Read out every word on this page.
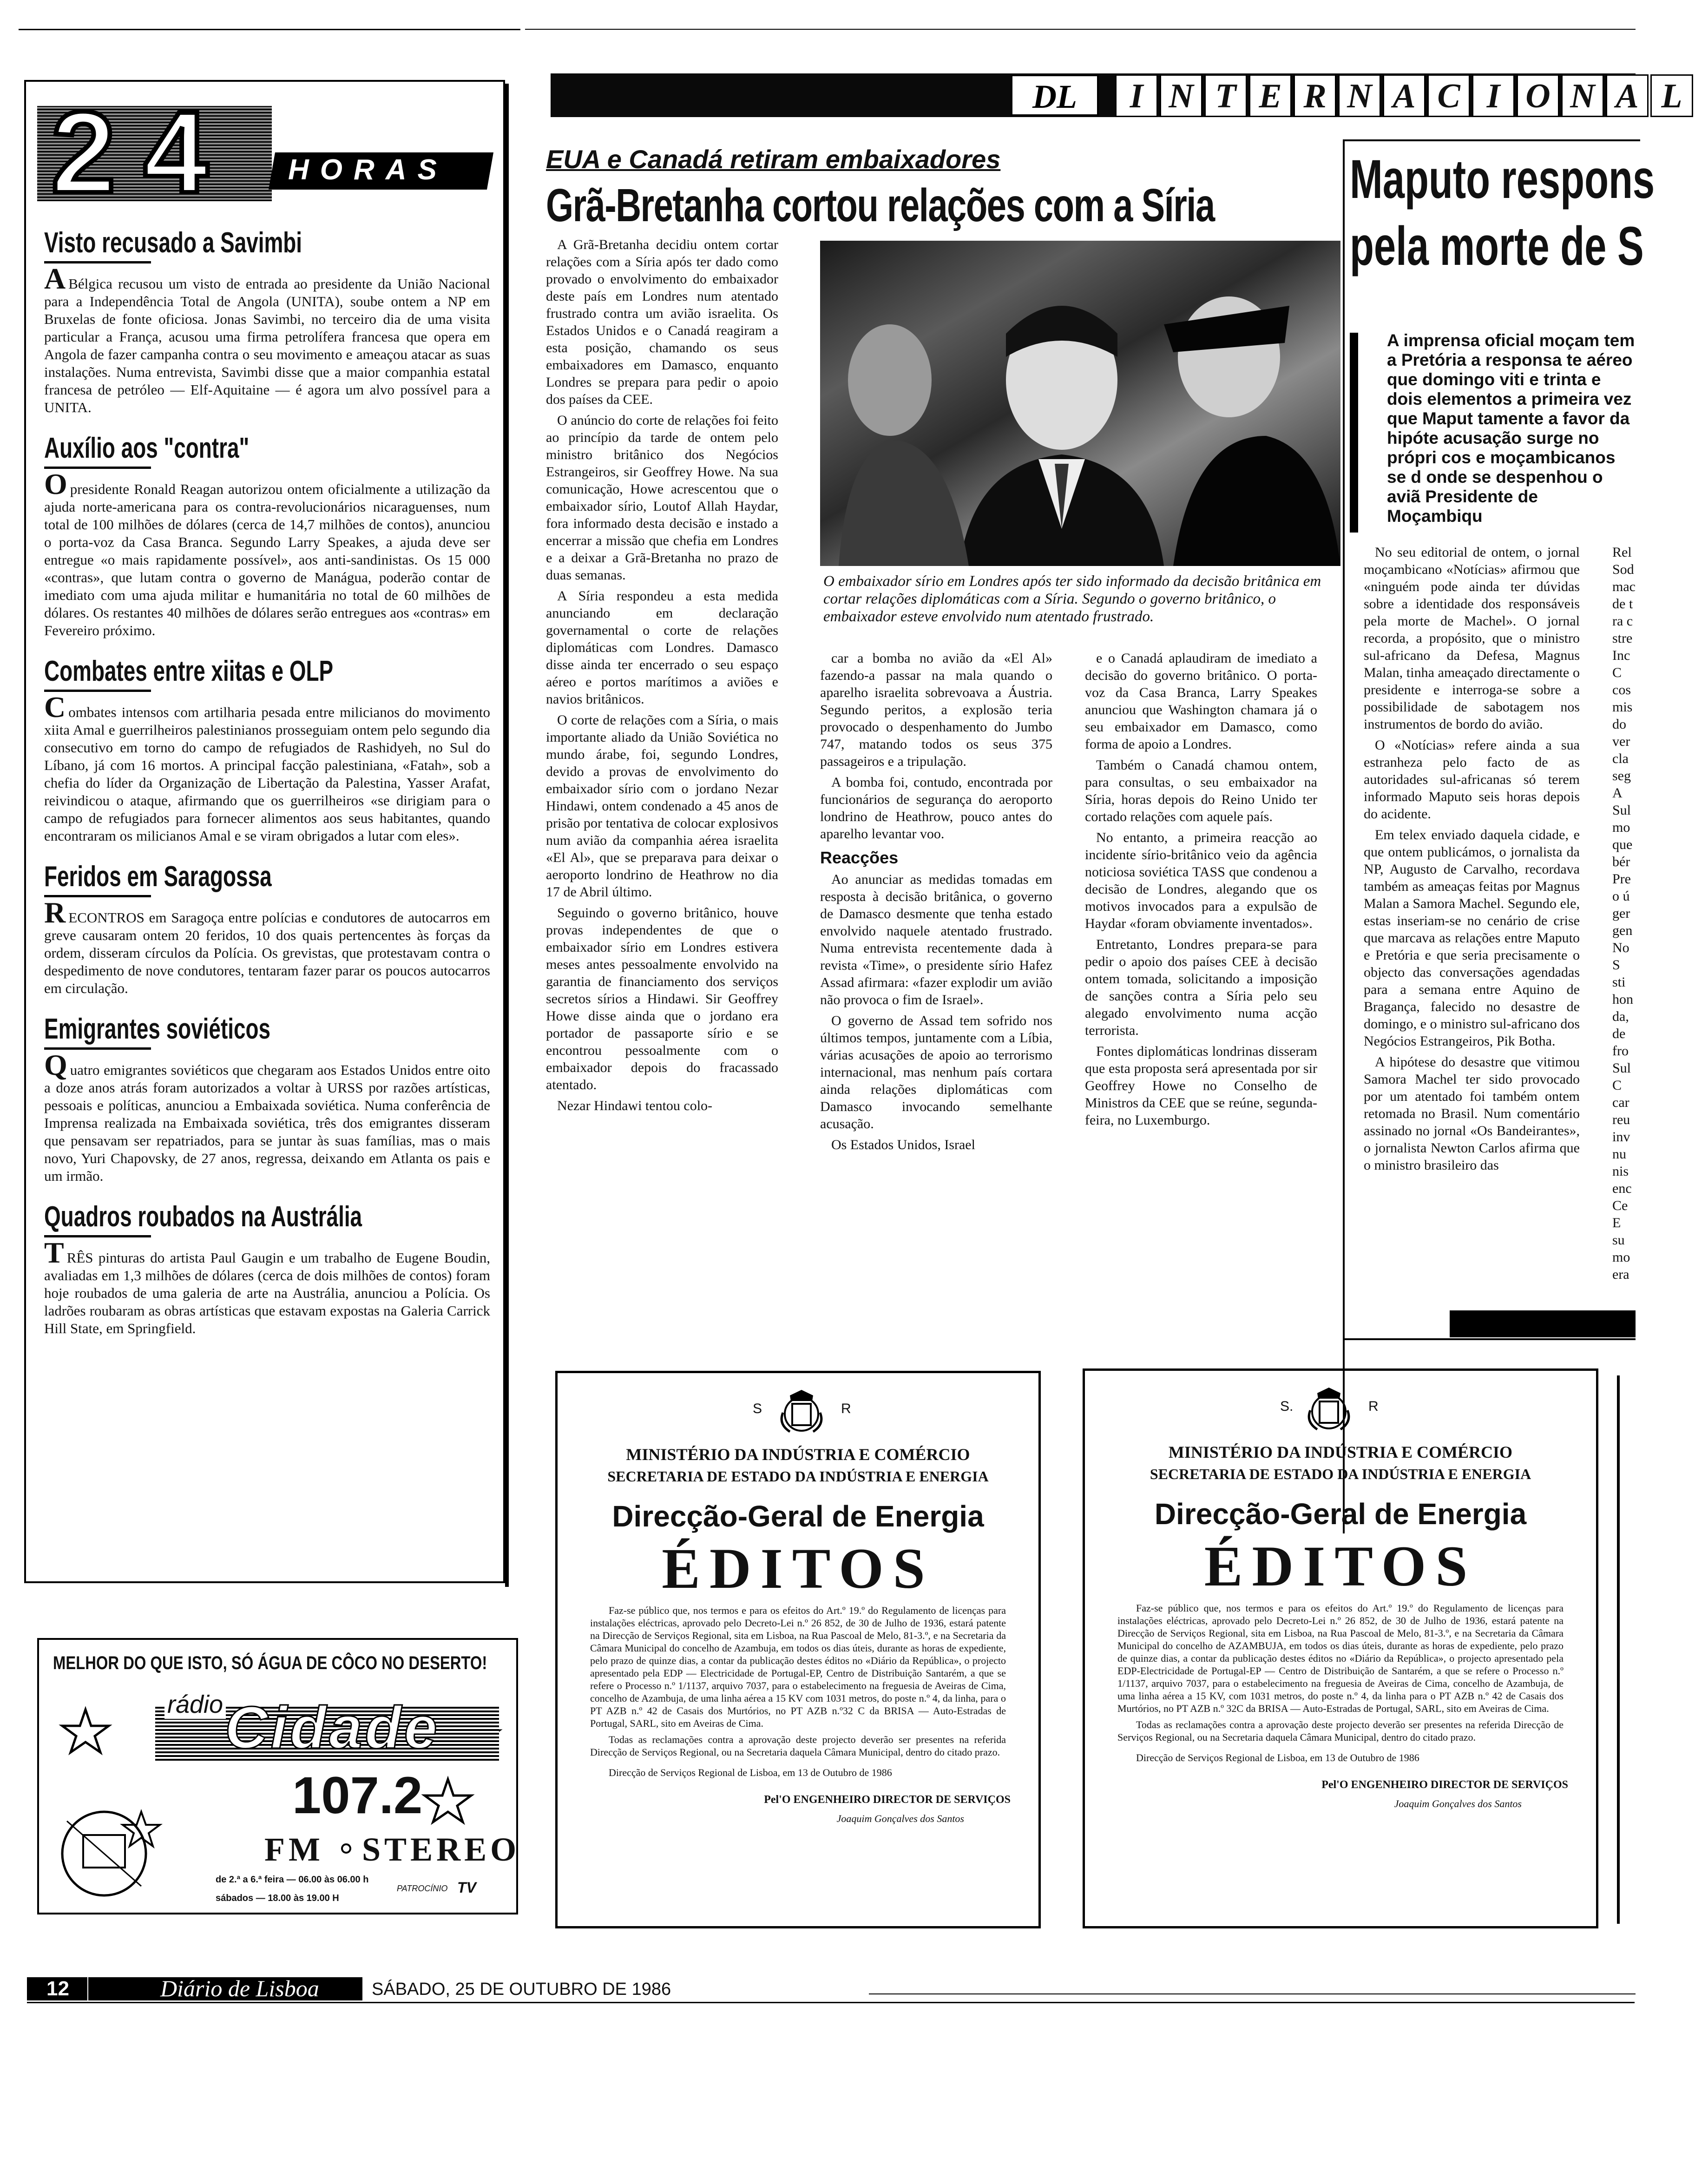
DL	I N T E R N A C I O N A L
24 HORAS
Visto recusado a Savimbi
A Bélgica recusou um visto de entrada ao presidente da União Nacional para a Independência Total de Angola (UNITA), soube ontem a NP em Bruxelas de fonte oficiosa. Jonas Savimbi, no terceiro dia de uma visita particular a França, acusou uma firma petrolífera francesa que opera em Angola de fazer campanha contra o seu movimento e ameaçou atacar as suas instalações. Numa entrevista, Savimbi disse que a maior companhia estatal francesa de petróleo — Elf-Aquitaine — é agora um alvo possível para a UNITA.
Auxílio aos "contra"
Opresidente Ronald Reagan autorizou ontem oficialmente a utilização da ajuda norte-americana para os contra-revolucionários nicaraguenses, num total de 100 milhões de dólares (cerca de 14,7 milhões de contos), anunciou o porta-voz da Casa Branca. Segundo Larry Speakes, a ajuda deve ser entregue «o mais rapidamente possível», aos anti-sandinistas. Os 15 000 «contras», que lutam contra o governo de Manágua, poderão contar de imediato com uma ajuda militar e humanitária no total de 60 milhões de dólares. Os restantes 40 milhões de dólares serão entregues aos «contras» em Fevereiro próximo.
Combates entre xiitas e OLP
Combates intensos com artilharia pesada entre milicianos do movimento xiita Amal e guerrilheiros palestinianos prosseguiam ontem pelo segundo dia consecutivo em torno do campo de refugiados de Rashidyeh, no Sul do Líbano, já com 16 mortos. A principal facção palestiniana, «Fatah», sob a chefia do líder da Organização de Libertação da Palestina, Yasser Arafat, reivindicou o ataque, afirmando que os guerrilheiros «se dirigiam para o campo de refugiados para fornecer alimentos aos seus habitantes, quando encontraram os milicianos Amal e se viram obrigados a lutar com eles».
Feridos em Saragossa
RECONTROS em Saragoça entre polícias e condutores de autocarros em greve causaram ontem 20 feridos, 10 dos quais pertencentes às forças da ordem, disseram círculos da Polícia. Os grevistas, que protestavam contra o despedimento de nove condutores, tentaram fazer parar os poucos autocarros em circulação.
Emigrantes soviéticos
Quatro emigrantes soviéticos que chegaram aos Estados Unidos entre oito a doze anos atrás foram autorizados a voltar à URSS por razões artísticas, pessoais e políticas, anunciou a Embaixada soviética. Numa conferência de Imprensa realizada na Embaixada soviética, três dos emigrantes disseram que pensavam ser repatriados, para se juntar às suas famílias, mas o mais novo, Yuri Chapovsky, de 27 anos, regressa, deixando em Atlanta os pais e um irmão.
Quadros roubados na Austrália
TRÊS pinturas do artista Paul Gaugin e um trabalho de Eugene Boudin, avaliadas em 1,3 milhões de dólares (cerca de dois milhões de contos) foram hoje roubados de uma galeria de arte na Austrália, anunciou a Polícia. Os ladrões roubaram as obras artísticas que estavam expostas na Galeria Carrick Hill State, em Springfield.
EUA e Canadá retiram embaixadores
Grã-Bretanha cortou relações com a Síria

A Grã-Bretanha decidiu ontem cortar relações com a Síria após ter dado como provado o envolvimento do embaixador deste país em Londres num atentado frustrado contra um avião israelita. Os Estados Unidos e o Canadá reagiram a esta posição, chamando os seus embaixadores em Damasco, enquanto Londres se prepara para pedir o apoio dos países da CEE.

O anúncio do corte de relações foi feito ao princípio da tarde de ontem pelo ministro britânico dos Negócios Estrangeiros, sir Geoffrey Howe. Na sua comunicação, Howe acrescentou que o embaixador sírio, Loutof Allah Haydar, fora informado desta decisão e instado a encerrar a missão que chefia em Londres e a deixar a Grã-Bretanha no prazo de duas semanas.

A Síria respondeu a esta medida anunciando em declaração governamental o corte de relações diplomáticas com Londres. Damasco disse ainda ter encerrado o seu espaço aéreo e portos marítimos a aviões e navios britânicos.

O corte de relações com a Síria, o mais importante aliado da União Soviética no mundo árabe, foi, segundo Londres, devido a provas de envolvimento do embaixador sírio com o jordano Nezar Hindawi, ontem condenado a 45 anos de prisão por tentativa de colocar explosivos num avião da companhia aérea israelita «El Al», que se preparava para deixar o aeroporto londrino de Heathrow no dia 17 de Abril último.

Seguindo o governo britânico, houve provas independentes de que o embaixador sírio em Londres estivera meses antes pessoalmente envolvido na garantia de financiamento dos serviços secretos sírios a Hindawi. Sir Geoffrey Howe disse ainda que o jordano era portador de passaporte sírio e se encontrou pessoalmente com o embaixador depois do fracassado atentado.

Nezar Hindawi tentou colo-

O embaixador sírio em Londres após ter sido informado da decisão britânica em cortar relações diplomáticas com a Síria. Segundo o governo britânico, o embaixador esteve envolvido num atentado frustrado.

car a bomba no avião da «El Al» fazendo-a passar na mala quando o aparelho israelita sobrevoava a Áustria. Segundo peritos, a explosão teria provocado o despenhamento do Jumbo 747, matando todos os seus 375 passageiros e a tripulação.

A bomba foi, contudo, encontrada por funcionários de segurança do aeroporto londrino de Heathrow, pouco antes do aparelho levantar voo.

Reacções

Ao anunciar as medidas tomadas em resposta à decisão britânica, o governo de Damasco desmente que tenha estado envolvido naquele atentado frustrado. Numa entrevista recentemente dada à revista «Time», o presidente sírio Hafez Assad afirmara: «fazer explodir um avião não provoca o fim de Israel».

O governo de Assad tem sofrido nos últimos tempos, juntamente com a Líbia, várias acusações de apoio ao terrorismo internacional, mas nenhum país cortara ainda relações diplomáticas com Damasco invocando semelhante acusação.

Os Estados Unidos, Israel

e o Canadá aplaudiram de imediato a decisão do governo britânico. O porta-voz da Casa Branca, Larry Speakes anunciou que Washington chamara já o seu embaixador em Damasco, como forma de apoio a Londres.

Também o Canadá chamou ontem, para consultas, o seu embaixador na Síria, horas depois do Reino Unido ter cortado relações com aquele país.

No entanto, a primeira reacção ao incidente sírio-britânico veio da agência noticiosa soviética TASS que condenou a decisão de Londres, alegando que os motivos invocados para a expulsão de Haydar «foram obviamente inventados».

Entretanto, Londres prepara-se para pedir o apoio dos países CEE à decisão ontem tomada, solicitando a imposição de sanções contra a Síria pelo seu alegado envolvimento numa acção terrorista.

Fontes diplomáticas londrinas disseram que esta proposta será apresentada por sir Geoffrey Howe no Conselho de Ministros da CEE que se reúne, segunda-feira, no Luxemburgo.

Maputo respons
pela morte de S
A imprensa oficial moçam tem a Pretória a responsa te aéreo que domingo viti e trinta e dois elementos a primeira vez que Maput tamente a favor da hipóte acusação surge no própri cos e moçambicanos se d onde se despenhou o aviã Presidente de Moçambiqu

No seu editorial de ontem, o jornal moçambicano «Notícias» afirmou que «ninguém pode ainda ter dúvidas sobre a identidade dos responsáveis pela morte de Machel». O jornal recorda, a propósito, que o ministro sul-africano da Defesa, Magnus Malan, tinha ameaçado directamente o presidente e interroga-se sobre a possibilidade de sabotagem nos instrumentos de bordo do avião.

O «Notícias» refere ainda a sua estranheza pelo facto de as autoridades sul-africanas só terem informado Maputo seis horas depois do acidente.

Em telex enviado daquela cidade, e que ontem publicámos, o jornalista da NP, Augusto de Carvalho, recordava também as ameaças feitas por Magnus Malan a Samora Machel. Segundo ele, estas inseriam-se no cenário de crise que marcava as relações entre Maputo e Pretória e que seria precisamente o objecto das conversações agendadas para a semana entre Aquino de Bragança, falecido no desastre de domingo, e o ministro sul-africano dos Negócios Estrangeiros, Pik Botha.

A hipótese do desastre que vitimou Samora Machel ter sido provocado por um atentado foi também ontem retomada no Brasil. Num comentário assinado no jornal «Os Bandeirantes», o jornalista Newton Carlos afirma que o ministro brasileiro das

Rel
Sod
mac
de t
ra c
stre
Inc
C
cos
mis
do
ver
cla
seg
A
Sul
mo
que
bér
Pre
o ú
ger
gen
No
S
sti
hon
da,
de
fro
Sul
C
car
reu
inv
nu
nis
enc
Ce
E
su
mo
era
S	R
MINISTÉRIO DA INDÚSTRIA E COMÉRCIO
SECRETARIA DE ESTADO DA INDÚSTRIA E ENERGIA
Direcção-Geral de Energia
ÉDITOS
Faz-se público que, nos termos e para os efeitos do Art.º 19.º do Regulamento de licenças para instalações eléctricas, aprovado pelo Decreto-Lei n.º 26 852, de 30 de Julho de 1936, estará patente na Direcção de Serviços Regional, sita em Lisboa, na Rua Pascoal de Melo, 81-3.º, e na Secretaria da Câmara Municipal do concelho de Azambuja, em todos os dias úteis, durante as horas de expediente, pelo prazo de quinze dias, a contar da publicação destes éditos no «Diário da República», o projecto apresentado pela EDP — Electricidade de Portugal-EP, Centro de Distribuição Santarém, a que se refere o Processo n.º 1/1137, arquivo 7037, para o estabelecimento na freguesia de Aveiras de Cima, concelho de Azambuja, de uma linha aérea a 15 KV com 1031 metros, do poste n.º 4, da linha, para o PT AZB n.º 42 de Casais dos Murtórios, no PT AZB n.º32 C da BRISA — Auto-Estradas de Portugal, SARL, sito em Aveiras de Cima.
Todas as reclamações contra a aprovação deste projecto deverão ser presentes na referida Direcção de Serviços Regional, ou na Secretaria daquela Câmara Municipal, dentro do citado prazo.
Direcção de Serviços Regional de Lisboa, em 13 de Outubro de 1986
Pel'O ENGENHEIRO DIRECTOR DE SERVIÇOS
Joaquim Gonçalves dos Santos
S.	R
MINISTÉRIO DA INDÚSTRIA E COMÉRCIO
SECRETARIA DE ESTADO DA INDÚSTRIA E ENERGIA
Direcção-Geral de Energia
ÉDITOS
Faz-se público que, nos termos e para os efeitos do Art.º 19.º do Regulamento de licenças para instalações eléctricas, aprovado pelo Decreto-Lei n.º 26 852, de 30 de Julho de 1936, estará patente na Direcção de Serviços Regional, sita em Lisboa, na Rua Pascoal de Melo, 81-3.º, e na Secretaria da Câmara Municipal do concelho de AZAMBUJA, em todos os dias úteis, durante as horas de expediente, pelo prazo de quinze dias, a contar da publicação destes éditos no «Diário da República», o projecto apresentado pela EDP-Electricidade de Portugal-EP — Centro de Distribuição de Santarém, a que se refere o Processo n.º 1/1137, arquivo 7037, para o estabelecimento na freguesia de Aveiras de Cima, concelho de Azambuja, de uma linha aérea a 15 KV, com 1031 metros, do poste n.º 4, da linha para o PT AZB n.º 42 de Casais dos Murtórios, no PT AZB n.º 32C da BRISA — Auto-Estradas de Portugal, SARL, sito em Aveiras de Cima.
Todas as reclamações contra a aprovação deste projecto deverão ser presentes na referida Direcção de Serviços Regional, ou na Secretaria daquela Câmara Municipal, dentro do citado prazo.
Direcção de Serviços Regional de Lisboa, em 13 de Outubro de 1986
Pel'O ENGENHEIRO DIRECTOR DE SERVIÇOS
Joaquim Gonçalves dos Santos
MELHOR DO QUE ISTO, SÓ ÁGUA DE CÔCO NO DESERTO!
rádio Cidade
107.2
FM STEREO
de 2.ª a 6.ª feira — 06.00 às 06.00 h
sábados — 18.00 às 19.00 H
PATROCÍNIO TV
12	Diário de Lisboa	SÁBADO, 25 DE OUTUBRO DE 1986
